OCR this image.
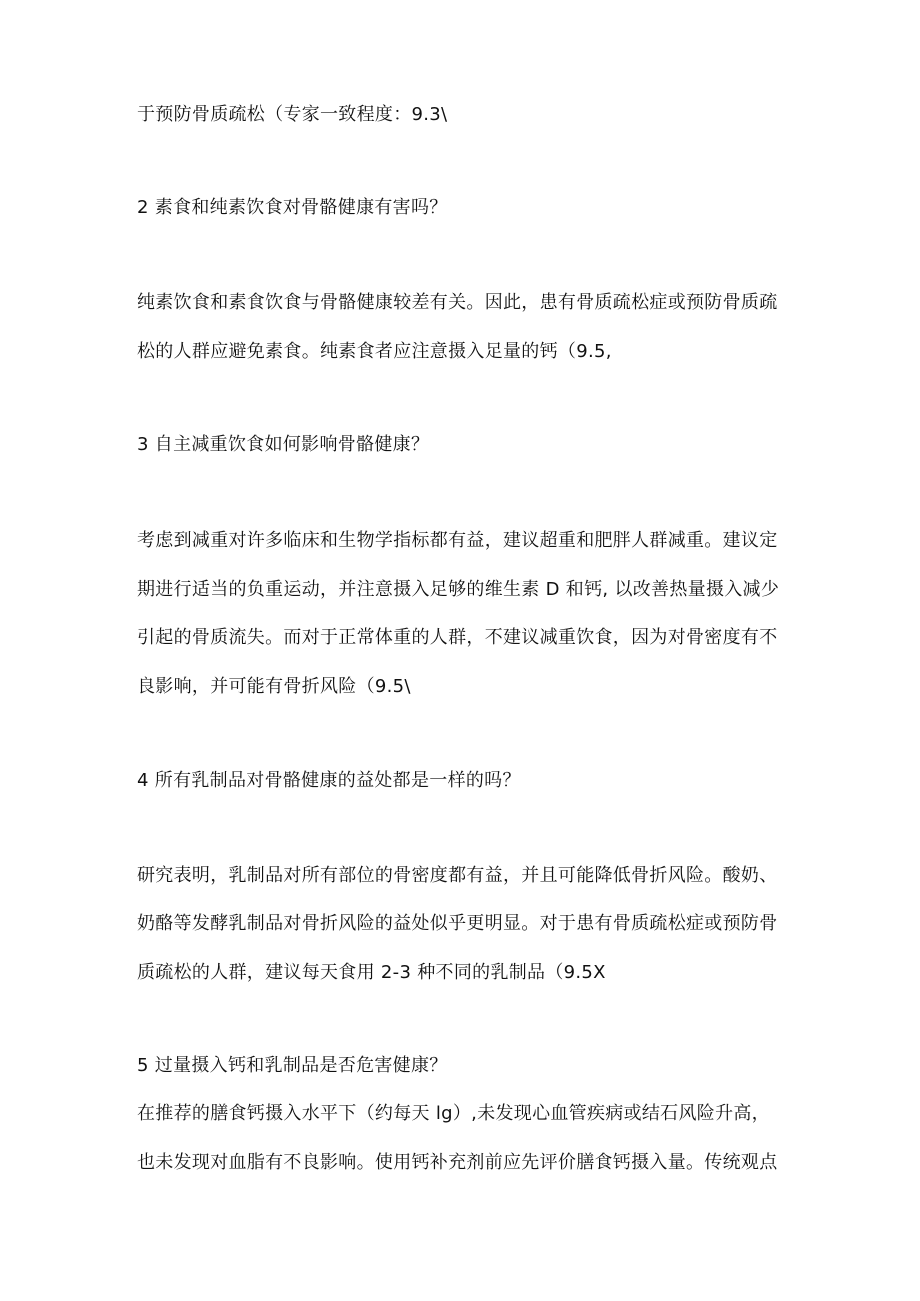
于预防骨质疏松（专家一致程度：9.3\
2 素食和纯素饮食对骨骼健康有害吗？
纯素饮食和素食饮食与骨骼健康较差有关。因此，患有骨质疏松症或预防骨质疏
松的人群应避免素食。纯素食者应注意摄入足量的钙（9.5,
3 自主减重饮食如何影响骨骼健康？
考虑到减重对许多临床和生物学指标都有益，建议超重和肥胖人群减重。建议定
期进行适当的负重运动，并注意摄入足够的维生素 D 和钙, 以改善热量摄入减少
引起的骨质流失。而对于正常体重的人群，不建议减重饮食，因为对骨密度有不
良影响，并可能有骨折风险（9.5\
4 所有乳制品对骨骼健康的益处都是一样的吗？
研究表明，乳制品对所有部位的骨密度都有益，并且可能降低骨折风险。酸奶、
奶酪等发酵乳制品对骨折风险的益处似乎更明显。对于患有骨质疏松症或预防骨
质疏松的人群，建议每天食用 2-3 种不同的乳制品（9.5X
5 过量摄入钙和乳制品是否危害健康？
在推荐的膳食钙摄入水平下（约每天 lg）,未发现心血管疾病或结石风险升高，
也未发现对血脂有不良影响。使用钙补充剂前应先评价膳食钙摄入量。传统观点
